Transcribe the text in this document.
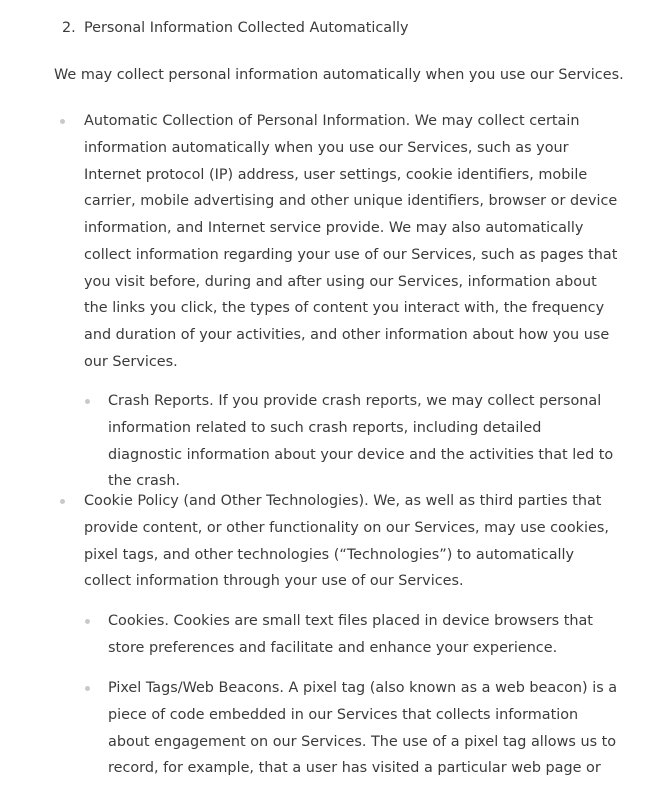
2. Personal Information Collected Automatically
We may collect personal information automatically when you use our Services.
Automatic Collection of Personal Information. We may collect certain information automatically when you use our Services, such as your Internet protocol (IP) address, user settings, cookie identifiers, mobile carrier, mobile advertising and other unique identifiers, browser or device information, and Internet service provide. We may also automatically collect information regarding your use of our Services, such as pages that you visit before, during and after using our Services, information about the links you click, the types of content you interact with, the frequency and duration of your activities, and other information about how you use our Services.
Crash Reports. If you provide crash reports, we may collect personal information related to such crash reports, including detailed diagnostic information about your device and the activities that led to the crash.
Cookie Policy (and Other Technologies). We, as well as third parties that provide content, or other functionality on our Services, may use cookies, pixel tags, and other technologies (“Technologies”) to automatically collect information through your use of our Services.
Cookies. Cookies are small text files placed in device browsers that store preferences and facilitate and enhance your experience.
Pixel Tags/Web Beacons. A pixel tag (also known as a web beacon) is a piece of code embedded in our Services that collects information about engagement on our Services. The use of a pixel tag allows us to record, for example, that a user has visited a particular web page or
